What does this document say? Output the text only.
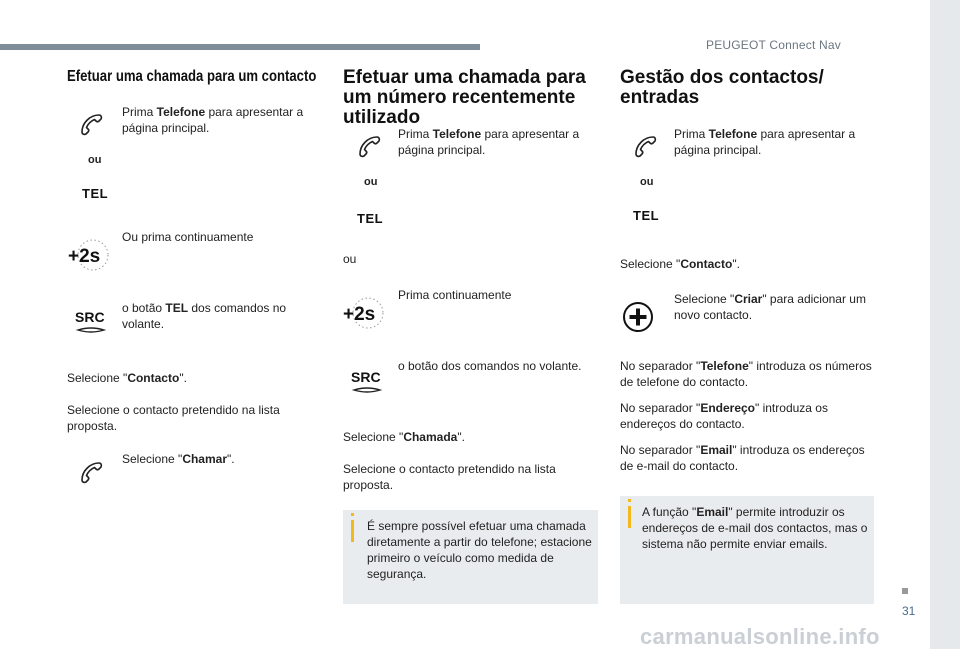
PEUGEOT Connect Nav
31
carmanualsonline.info
Efetuar uma chamada para um contacto
Prima Telefone para apresentar a página principal.
ou
TEL
+2s
Ou prima continuamente
SRC
o botão TEL dos comandos no volante.
Selecione "Contacto".
Selecione o contacto pretendido na lista proposta.
Selecione "Chamar".
Efetuar uma chamada para um número recentemente utilizado
Prima Telefone para apresentar a página principal.
ou
TEL
ou
+2s
Prima continuamente
SRC
o botão dos comandos no volante.
Selecione "Chamada".
Selecione o contacto pretendido na lista proposta.
É sempre possível efetuar uma chamada diretamente a partir do telefone; estacione primeiro o veículo como medida de segurança.
Gestão dos contactos/ entradas
Prima Telefone para apresentar a página principal.
ou
TEL
Selecione "Contacto".
Selecione "Criar" para adicionar um novo contacto.
No separador "Telefone" introduza os números de telefone do contacto.
No separador "Endereço" introduza os endereços do contacto.
No separador "Email" introduza os endereços de e-mail do contacto.
A função "Email" permite introduzir os endereços de e-mail dos contactos, mas o sistema não permite enviar emails.
